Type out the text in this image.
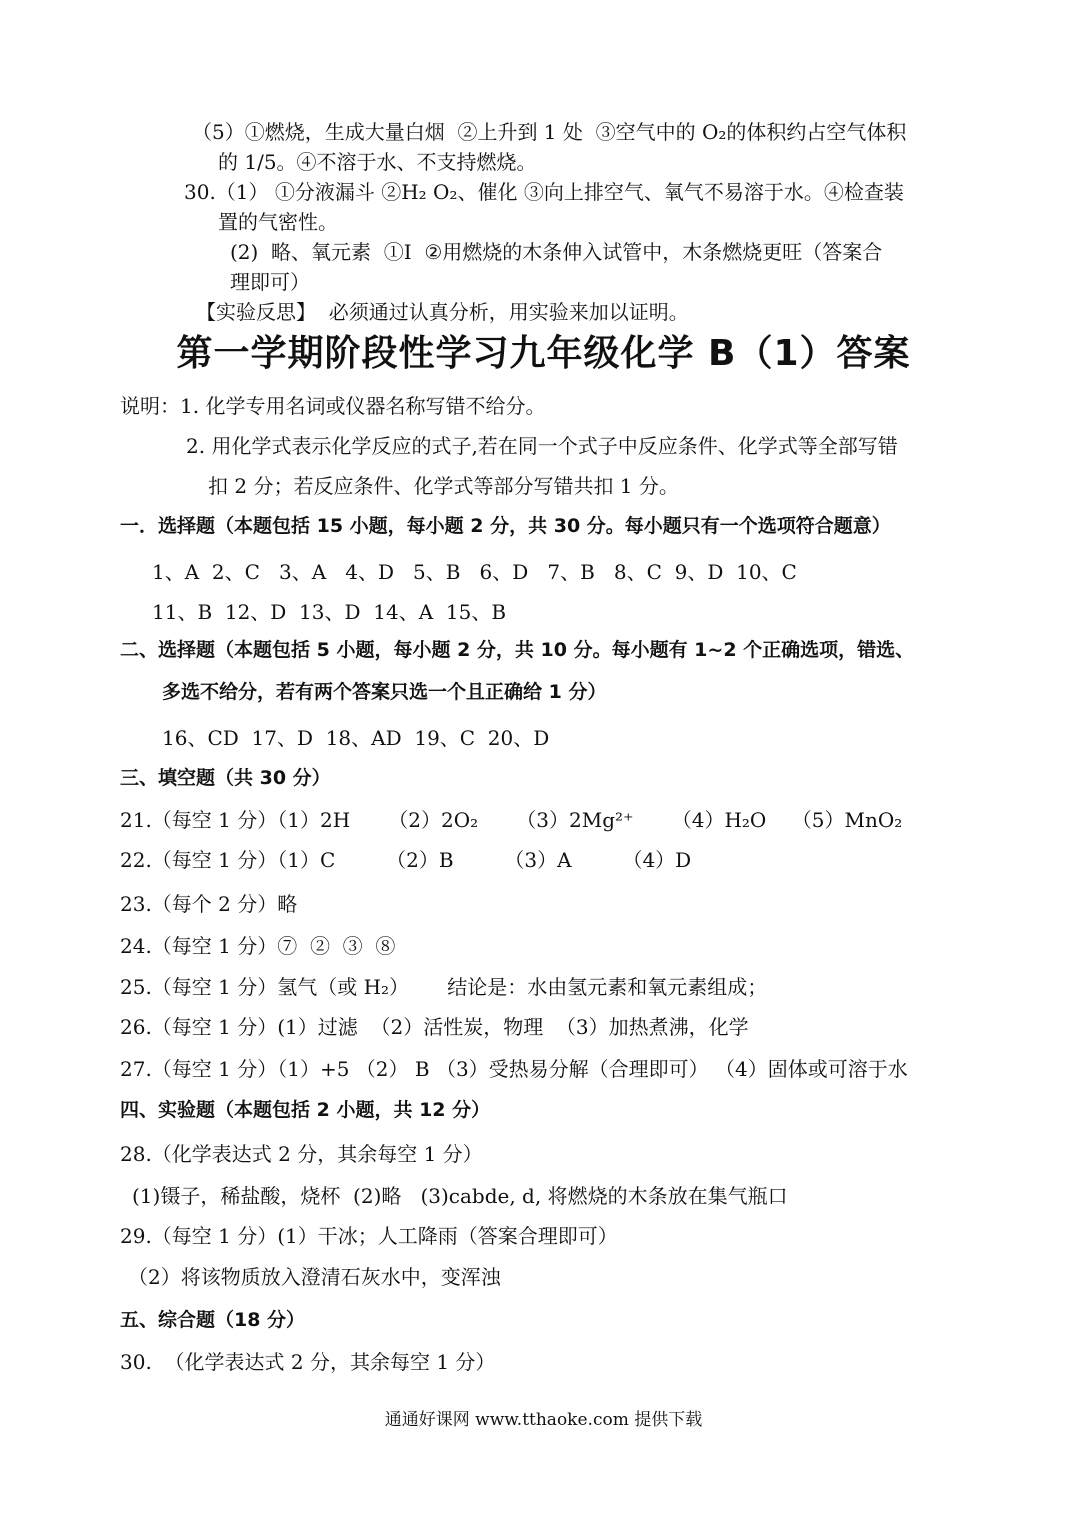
（5）①燃烧，生成大量白烟  ②上升到 1 处  ③空气中的 O₂的体积约占空气体积
的 1/5。④不溶于水、不支持燃烧。
30.（1） ①分液漏斗 ②H₂ O₂、催化 ③向上排空气、氧气不易溶于水。④检查装
置的气密性。
(2)  略、氧元素  ①I  ②用燃烧的木条伸入试管中，木条燃烧更旺（答案合
理即可）
【实验反思】  必须通过认真分析，用实验来加以证明。
第一学期阶段性学习九年级化学 B（1）答案
说明：1. 化学专用名词或仪器名称写错不给分。
2. 用化学式表示化学反应的式子,若在同一个式子中反应条件、化学式等全部写错
扣 2 分；若反应条件、化学式等部分写错共扣 1 分。
一．选择题（本题包括 15 小题，每小题 2 分，共 30 分。每小题只有一个选项符合题意）
1、A  2、C   3、A   4、D   5、B   6、D   7、B   8、C  9、D  10、C
11、B  12、D  13、D  14、A  15、B
二、选择题（本题包括 5 小题，每小题 2 分，共 10 分。每小题有 1~2 个正确选项，错选、
多选不给分，若有两个答案只选一个且正确给 1 分）
16、CD  17、D  18、AD  19、C  20、D
三、填空题（共 30 分）
21.（每空 1 分）（1）2H      （2）2O₂      （3）2Mg²⁺      （4）H₂O    （5）MnO₂
22.（每空 1 分）（1）C        （2）B        （3）A        （4）D
23.（每个 2 分）略
24.（每空 1 分）⑦  ②  ③  ⑧
25.（每空 1 分）氢气（或 H₂）      结论是：水由氢元素和氧元素组成；
26.（每空 1 分）(1）过滤  （2）活性炭，物理  （3）加热煮沸，化学
27.（每空 1 分）（1）+5 （2） B （3）受热易分解（合理即可） （4）固体或可溶于水
四、实验题（本题包括 2 小题，共 12 分）
28.（化学表达式 2 分，其余每空 1 分）
(1)镊子，稀盐酸，烧杯  (2)略   (3)cabde, d, 将燃烧的木条放在集气瓶口
29.（每空 1 分）(1）干冰；人工降雨（答案合理即可）
（2）将该物质放入澄清石灰水中，变浑浊
五、综合题（18 分）
30.  （化学表达式 2 分，其余每空 1 分）
通通好课网 www.tthaoke.com 提供下载
